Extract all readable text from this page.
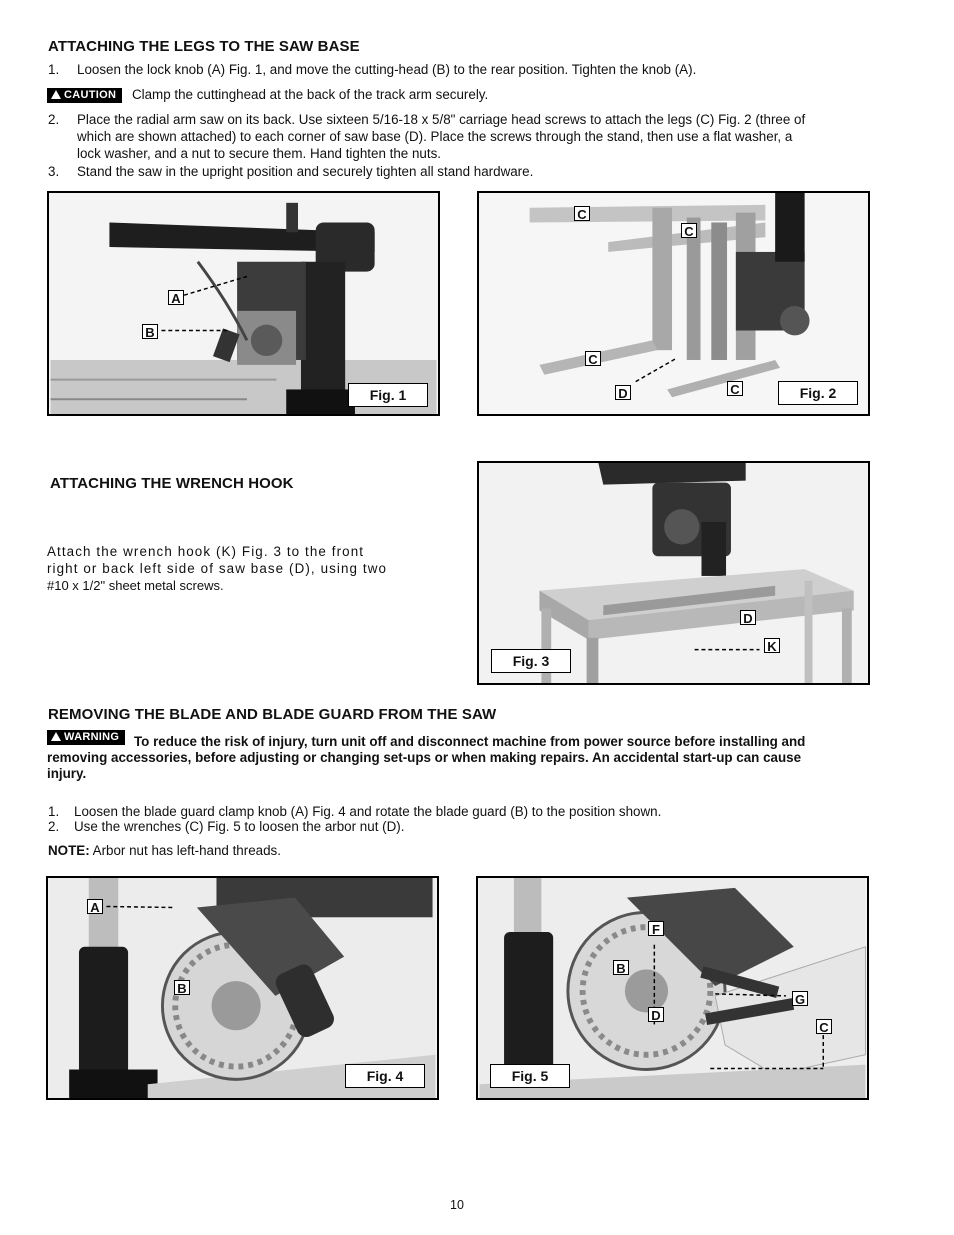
ATTACHING THE LEGS TO THE SAW BASE
1. Loosen the lock knob (A) Fig. 1, and move the cutting-head (B) to the rear position. Tighten the knob (A).
CAUTION Clamp the cuttinghead at the back of the track arm securely.
2. Place the radial arm saw on its back. Use sixteen 5/16-18 x 5/8" carriage head screws to attach the legs (C) Fig. 2 (three of
which are shown attached) to each corner of saw base (D). Place the screws through the stand, then use a flat washer, a
lock washer, and a nut to secure them. Hand tighten the nuts.
3. Stand the saw in the upright position and securely tighten all stand hardware.
A
B
Fig. 1
C
C
C
D	C	Fig. 2
ATTACHING THE WRENCH HOOK
Attach the wrench hook (K) Fig. 3 to the front
right or back left side of saw base (D), using two
#10 x 1/2" sheet metal screws.
D
K
Fig. 3
REMOVING THE BLADE AND BLADE GUARD FROM THE SAW
WARNING	To reduce the risk of injury, turn unit off and disconnect machine from power source before installing and
removing accessories, before adjusting or changing set-ups or when making repairs. An accidental start-up can cause
injury.
1. Loosen the blade guard clamp knob (A) Fig. 4 and rotate the blade guard (B) to the position shown.
2. Use the wrenches (C) Fig. 5 to loosen the arbor nut (D).
NOTE: Arbor nut has left-hand threads.
A
B
Fig. 4
F
B
G
D
C
Fig. 5
10
